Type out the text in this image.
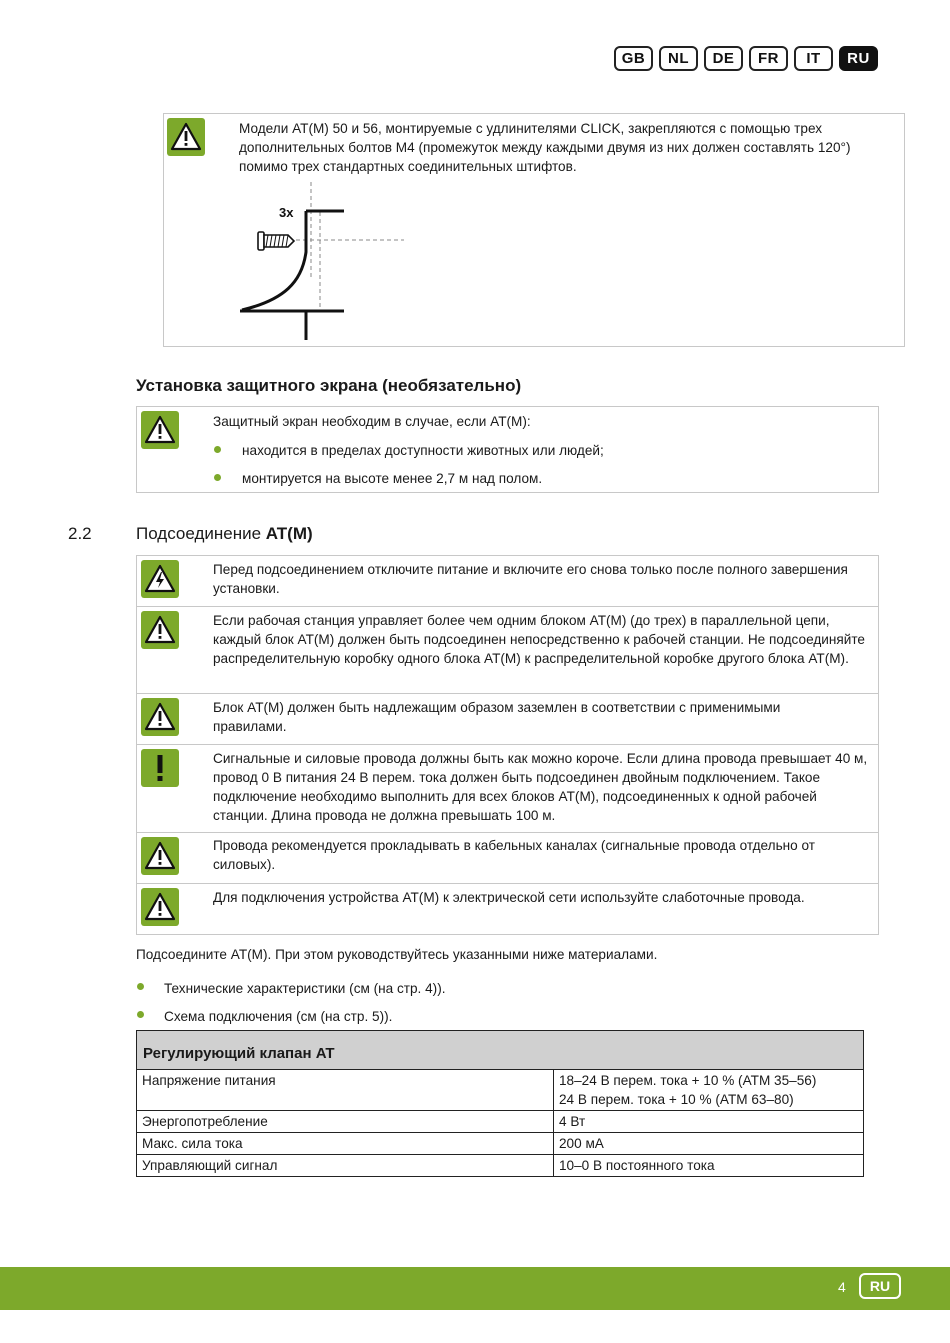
GB	NL	DE	FR	IT	RU
Модели AT(M) 50 и 56, монтируемые с удлинителями CLICK, закрепляются с помощью трех дополнительных болтов M4 (промежуток между каждыми двумя из них должен составлять 120°) помимо трех стандартных соединительных штифтов.
3x
Установка защитного экрана (необязательно)
Защитный экран необходим в случае, если AT(M):
находится в пределах доступности животных или людей;
монтируется на высоте менее 2,7 м над полом.
2.2	Подсоединение AT(M)
Перед подсоединением отключите питание и включите его снова только после полного завершения установки.
Если рабочая станция управляет более чем одним блоком AT(M) (до трех) в параллельной цепи, каждый блок AT(M) должен быть подсоединен непосредственно к рабочей станции. Не подсоединяйте распределительную коробку одного блока AT(M) к распределительной коробке другого блока AT(M).
Блок AT(M) должен быть надлежащим образом заземлен в соответствии с применимыми правилами.
Сигнальные и силовые провода должны быть как можно короче. Если длина провода превышает 40 м, провод 0 В питания 24 В перем. тока должен быть подсоединен двойным подключением. Такое подключение необходимо выполнить для всех блоков AT(M), подсоединенных к одной рабочей станции. Длина провода не должна превышать 100 м.
Провода рекомендуется прокладывать в кабельных каналах (сигнальные провода отдельно от силовых).
Для подключения устройства AT(M) к электрической сети используйте слаботочные провода.
Подсоедините AT(M). При этом руководствуйтесь указанными ниже материалами.
Технические характеристики (см (на стр. 4)).
Схема подключения (см (на стр. 5)).
Регулирующий клапан AT	
Напряжение питания	18–24 В перем. тока + 10 % (ATM 35–56)
24 В перем. тока + 10 % (ATM 63–80)

Энергопотребление	4 Вт
Макс. сила тока	200 мА
Управляющий сигнал	10–0 В постоянного тока
4	RU
